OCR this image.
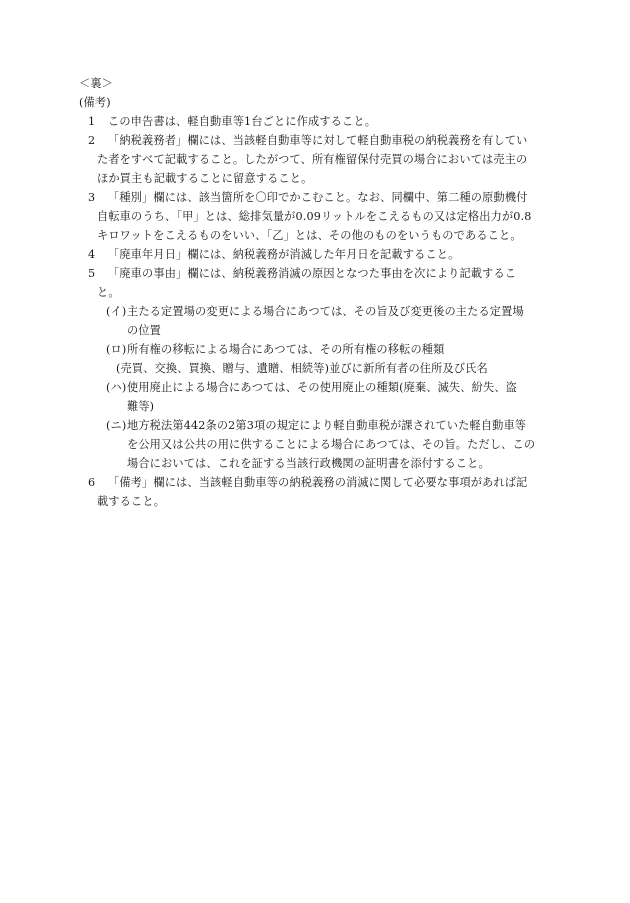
＜裏＞
(備考)
1 この申告書は、軽自動車等1台ごとに作成すること。
2 「納税義務者」欄には、当該軽自動車等に対して軽自動車税の納税義務を有してい
た者をすべて記載すること。したがつて、所有権留保付売買の場合においては売主の
ほか買主も記載することに留意すること。
3 「種別」欄には、該当箇所を〇印でかこむこと。なお、同欄中、第二種の原動機付
自転車のうち、「甲」とは、総排気量が0.09リットルをこえるもの又は定格出力が0.8
キロワットをこえるものをいい、「乙」とは、その他のものをいうものであること。
4 「廃車年月日」欄には、納税義務が消滅した年月日を記載すること。
5 「廃車の事由」欄には、納税義務消滅の原因となつた事由を次により記載するこ
と。
(イ)主たる定置場の変更による場合にあつては、その旨及び変更後の主たる定置場
の位置
(ロ)所有権の移転による場合にあつては、その所有権の移転の種類
(売買、交換、買換、贈与、遺贈、相続等)並びに新所有者の住所及び氏名
(ハ)使用廃止による場合にあつては、その使用廃止の種類(廃棄、滅失、紛失、盗
難等)
(ニ)地方税法第442条の2第3項の規定により軽自動車税が課されていた軽自動車等
を公用又は公共の用に供することによる場合にあつては、その旨。ただし、この
場合においては、これを証する当該行政機関の証明書を添付すること。
6 「備考」欄には、当該軽自動車等の納税義務の消滅に関して必要な事項があれば記
載すること。
